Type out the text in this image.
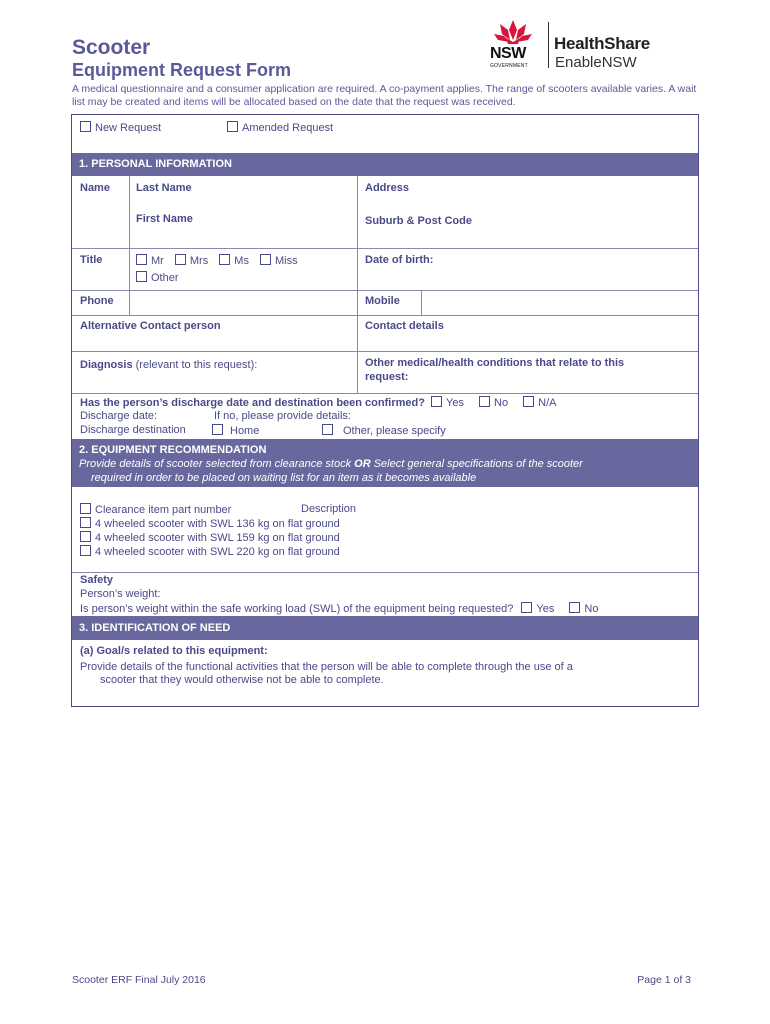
Scooter
Equipment Request Form
A medical questionnaire and a consumer application are required. A co-payment applies. The range of scooters available varies. A wait list may be created and items will be allocated based on the date that the request was received.
NSW
GOVERNMENT
HealthShare
EnableNSW
New Request	Amended Request
1. PERSONAL INFORMATION
Name Last Name
First Name
Address
Suburb & Post Code
Title	Mr Mrs Ms Miss
Other
Date of birth:
Phone	Mobile
Alternative Contact person	Contact details
Diagnosis (relevant to this request):	Other medical/health conditions that relate to this
request:
Has the person’s discharge date and destination been confirmed? Yes	No	N/A
Discharge date:	If no, please provide details:
Discharge destination	Home	Other, please specify
2. EQUIPMENT RECOMMENDATION
Provide details of scooter selected from clearance stock OR Select general specifications of the scooter
required in order to be placed on waiting list for an item as it becomes available
Clearance item part number	Description
4 wheeled scooter with SWL 136 kg on flat ground
4 wheeled scooter with SWL 159 kg on flat ground
4 wheeled scooter with SWL 220 kg on flat ground
Safety
Person’s weight:
Is person’s weight within the safe working load (SWL) of the equipment being requested? Yes	No
3. IDENTIFICATION OF NEED
(a) Goal/s related to this equipment:
Provide details of the functional activities that the person will be able to complete through the use of a
scooter that they would otherwise not be able to complete.
Scooter ERF Final July 2016	Page 1 of 3
